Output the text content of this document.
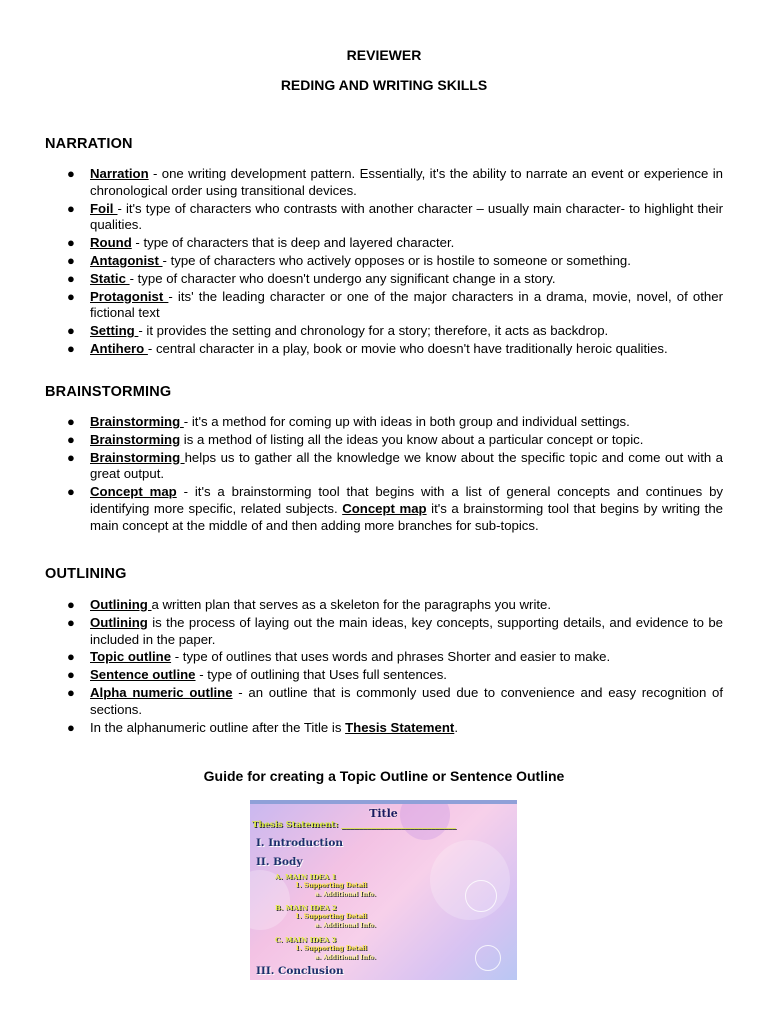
REVIEWER
REDING AND WRITING SKILLS
NARRATION
● Narration - one writing development pattern. Essentially, it's the ability to narrate an event or experience in chronological order using transitional devices.
● Foil - it's type of characters who contrasts with another character – usually main character- to highlight their qualities.
● Round - type of characters that is deep and layered character.
● Antagonist - type of characters who actively opposes or is hostile to someone or something.
● Static - type of character who doesn't undergo any significant change in a story.
● Protagonist - its' the leading character or one of the major characters in a drama, movie, novel, of other fictional text
● Setting - it provides the setting and chronology for a story; therefore, it acts as backdrop.
● Antihero - central character in a play, book or movie who doesn't have traditionally heroic qualities.
BRAINSTORMING
● Brainstorming - it's a method for coming up with ideas in both group and individual settings.
● Brainstorming is a method of listing all the ideas you know about a particular concept or topic.
● Brainstorming helps us to gather all the knowledge we know about the specific topic and come out with a great output.
● Concept map - it's a brainstorming tool that begins with a list of general concepts and continues by identifying more specific, related subjects. Concept map it's a brainstorming tool that begins by writing the main concept at the middle of and then adding more branches for sub-topics.
OUTLINING
● Outlining a written plan that serves as a skeleton for the paragraphs you write.
● Outlining is the process of laying out the main ideas, key concepts, supporting details, and evidence to be included in the paper.
● Topic outline - type of outlines that uses words and phrases Shorter and easier to make.
● Sentence outline - type of outlining that Uses full sentences.
● Alpha numeric outline - an outline that is commonly used due to convenience and easy recognition of sections.
● In the alphanumeric outline after the Title is Thesis Statement.
Guide for creating a Topic Outline or Sentence Outline
Title
Thesis Statement: ___________________________
I. Introduction
II. Body
A. MAIN IDEA 1
1. Supporting Detail
a. Additional Info.
B. MAIN IDEA 2
1. Supporting Detail
a. Additional Info.
C. MAIN IDEA 3
1. Supporting Detail
a. Additional Info.
III. Conclusion
